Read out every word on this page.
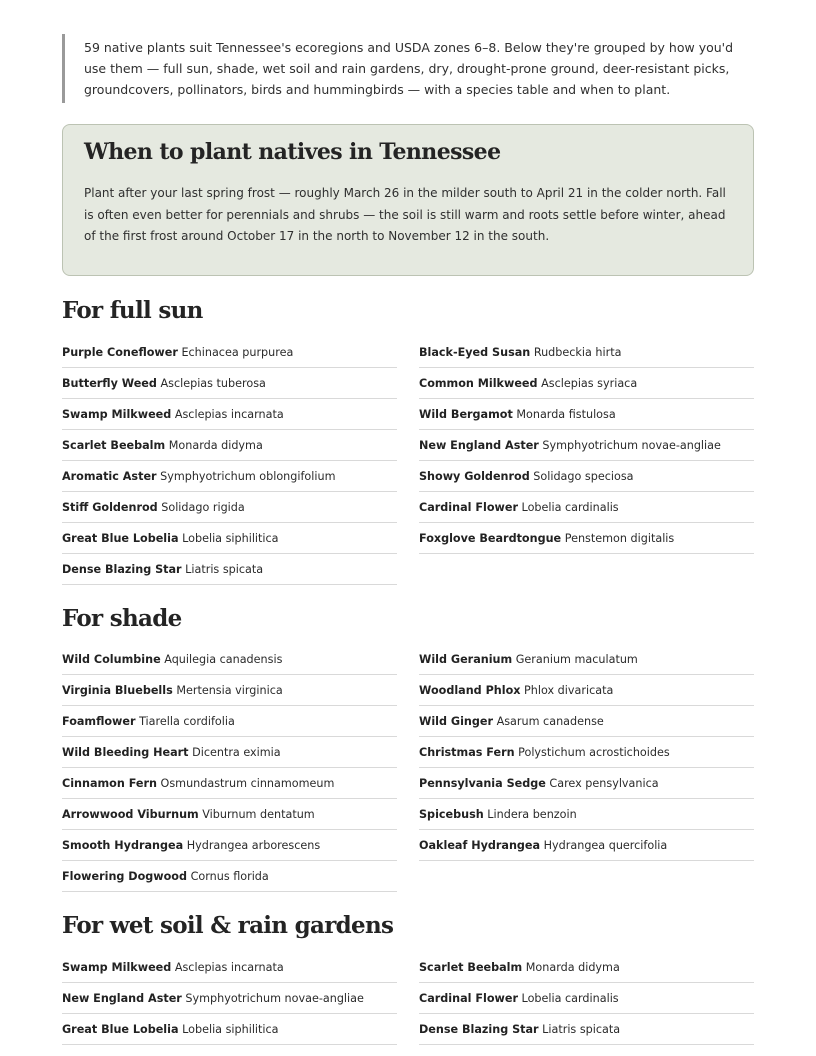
59 native plants suit Tennessee's ecoregions and USDA zones 6–8. Below they're grouped by how you'd use them — full sun, shade, wet soil and rain gardens, dry, drought-prone ground, deer-resistant picks, groundcovers, pollinators, birds and hummingbirds — with a species table and when to plant.
When to plant natives in Tennessee

Plant after your last spring frost — roughly March 26 in the milder south to April 21 in the colder north. Fall is often even better for perennials and shrubs — the soil is still warm and roots settle before winter, ahead of the first frost around October 17 in the north to November 12 in the south.

For full sun
Purple Coneflower Echinacea purpurea	Black-Eyed Susan Rudbeckia hirta
Butterfly Weed Asclepias tuberosa	Common Milkweed Asclepias syriaca
Swamp Milkweed Asclepias incarnata	Wild Bergamot Monarda fistulosa
Scarlet Beebalm Monarda didyma	New England Aster Symphyotrichum novae-angliae
Aromatic Aster Symphyotrichum oblongifolium	Showy Goldenrod Solidago speciosa
Stiff Goldenrod Solidago rigida	Cardinal Flower Lobelia cardinalis
Great Blue Lobelia Lobelia siphilitica	Foxglove Beardtongue Penstemon digitalis
Dense Blazing Star Liatris spicata
For shade
Wild Columbine Aquilegia canadensis	Wild Geranium Geranium maculatum
Virginia Bluebells Mertensia virginica	Woodland Phlox Phlox divaricata
Foamflower Tiarella cordifolia	Wild Ginger Asarum canadense
Wild Bleeding Heart Dicentra eximia	Christmas Fern Polystichum acrostichoides
Cinnamon Fern Osmundastrum cinnamomeum	Pennsylvania Sedge Carex pensylvanica
Arrowwood Viburnum Viburnum dentatum	Spicebush Lindera benzoin
Smooth Hydrangea Hydrangea arborescens	Oakleaf Hydrangea Hydrangea quercifolia
Flowering Dogwood Cornus florida
For wet soil & rain gardens
Swamp Milkweed Asclepias incarnata	Scarlet Beebalm Monarda didyma
New England Aster Symphyotrichum novae-angliae	Cardinal Flower Lobelia cardinalis
Great Blue Lobelia Lobelia siphilitica	Dense Blazing Star Liatris spicata
